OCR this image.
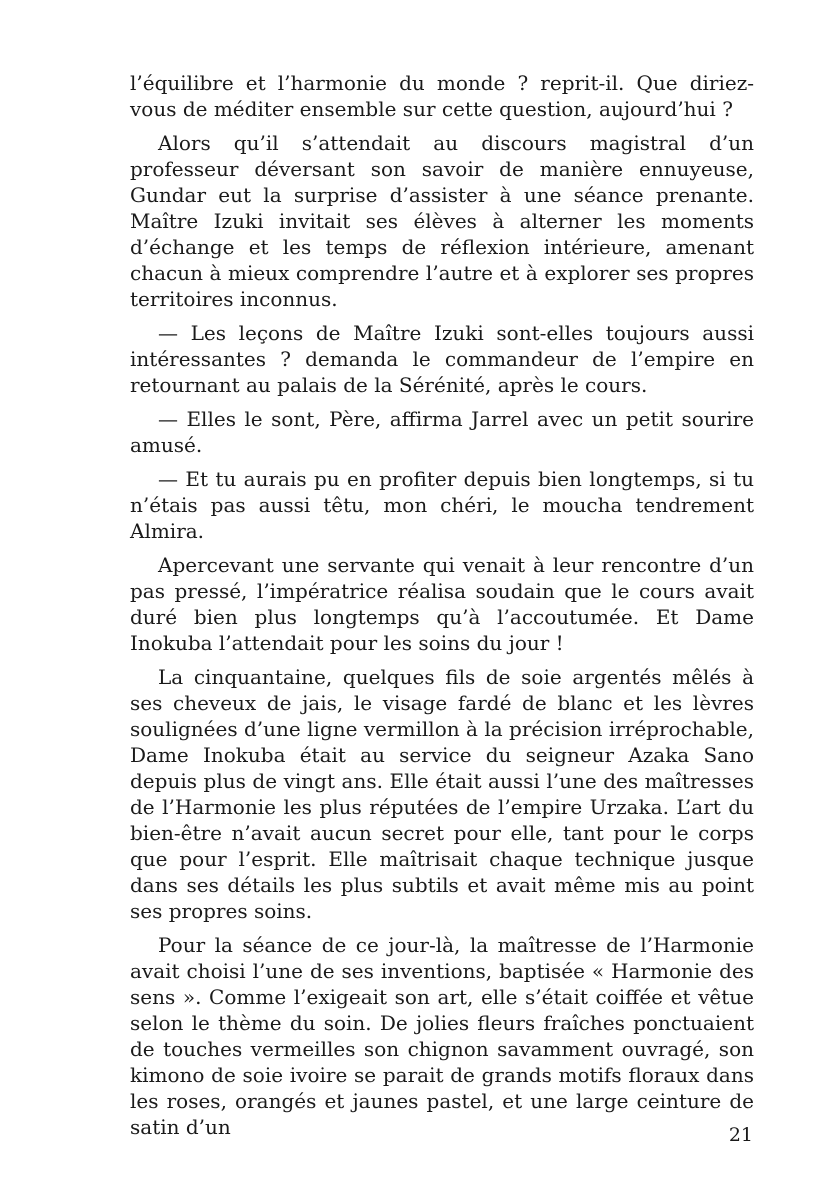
l’équilibre et l’harmonie du monde ? reprit-il. Que diriez-vous de méditer ensemble sur cette question, aujourd’hui ?

Alors qu’il s’attendait au discours magistral d’un professeur déversant son savoir de manière ennuyeuse, Gundar eut la surprise d’assister à une séance prenante. Maître Izuki invitait ses élèves à alterner les moments d’échange et les temps de réflexion intérieure, amenant chacun à mieux comprendre l’autre et à explorer ses propres territoires inconnus.

— Les leçons de Maître Izuki sont-elles toujours aussi intéressantes ? demanda le commandeur de l’empire en retournant au palais de la Sérénité, après le cours.

— Elles le sont, Père, affirma Jarrel avec un petit sourire amusé.

— Et tu aurais pu en profiter depuis bien longtemps, si tu n’étais pas aussi têtu, mon chéri, le moucha tendrement Almira.

Apercevant une servante qui venait à leur rencontre d’un pas pressé, l’impératrice réalisa soudain que le cours avait duré bien plus longtemps qu’à l’accoutumée. Et Dame Inokuba l’attendait pour les soins du jour !

La cinquantaine, quelques fils de soie argentés mêlés à ses cheveux de jais, le visage fardé de blanc et les lèvres soulignées d’une ligne vermillon à la précision irréprochable, Dame Inokuba était au service du seigneur Azaka Sano depuis plus de vingt ans. Elle était aussi l’une des maîtresses de l’Harmonie les plus réputées de l’empire Urzaka. L’art du bien-être n’avait aucun secret pour elle, tant pour le corps que pour l’esprit. Elle maîtrisait chaque technique jusque dans ses détails les plus subtils et avait même mis au point ses propres soins.

Pour la séance de ce jour-là, la maîtresse de l’Harmonie avait choisi l’une de ses inventions, baptisée « Harmonie des sens ». Comme l’exigeait son art, elle s’était coiffée et vêtue selon le thème du soin. De jolies fleurs fraîches ponctuaient de touches vermeilles son chignon savamment ouvragé, son kimono de soie ivoire se parait de grands motifs floraux dans les roses, orangés et jaunes pastel, et une large ceinture de satin d’un	21
